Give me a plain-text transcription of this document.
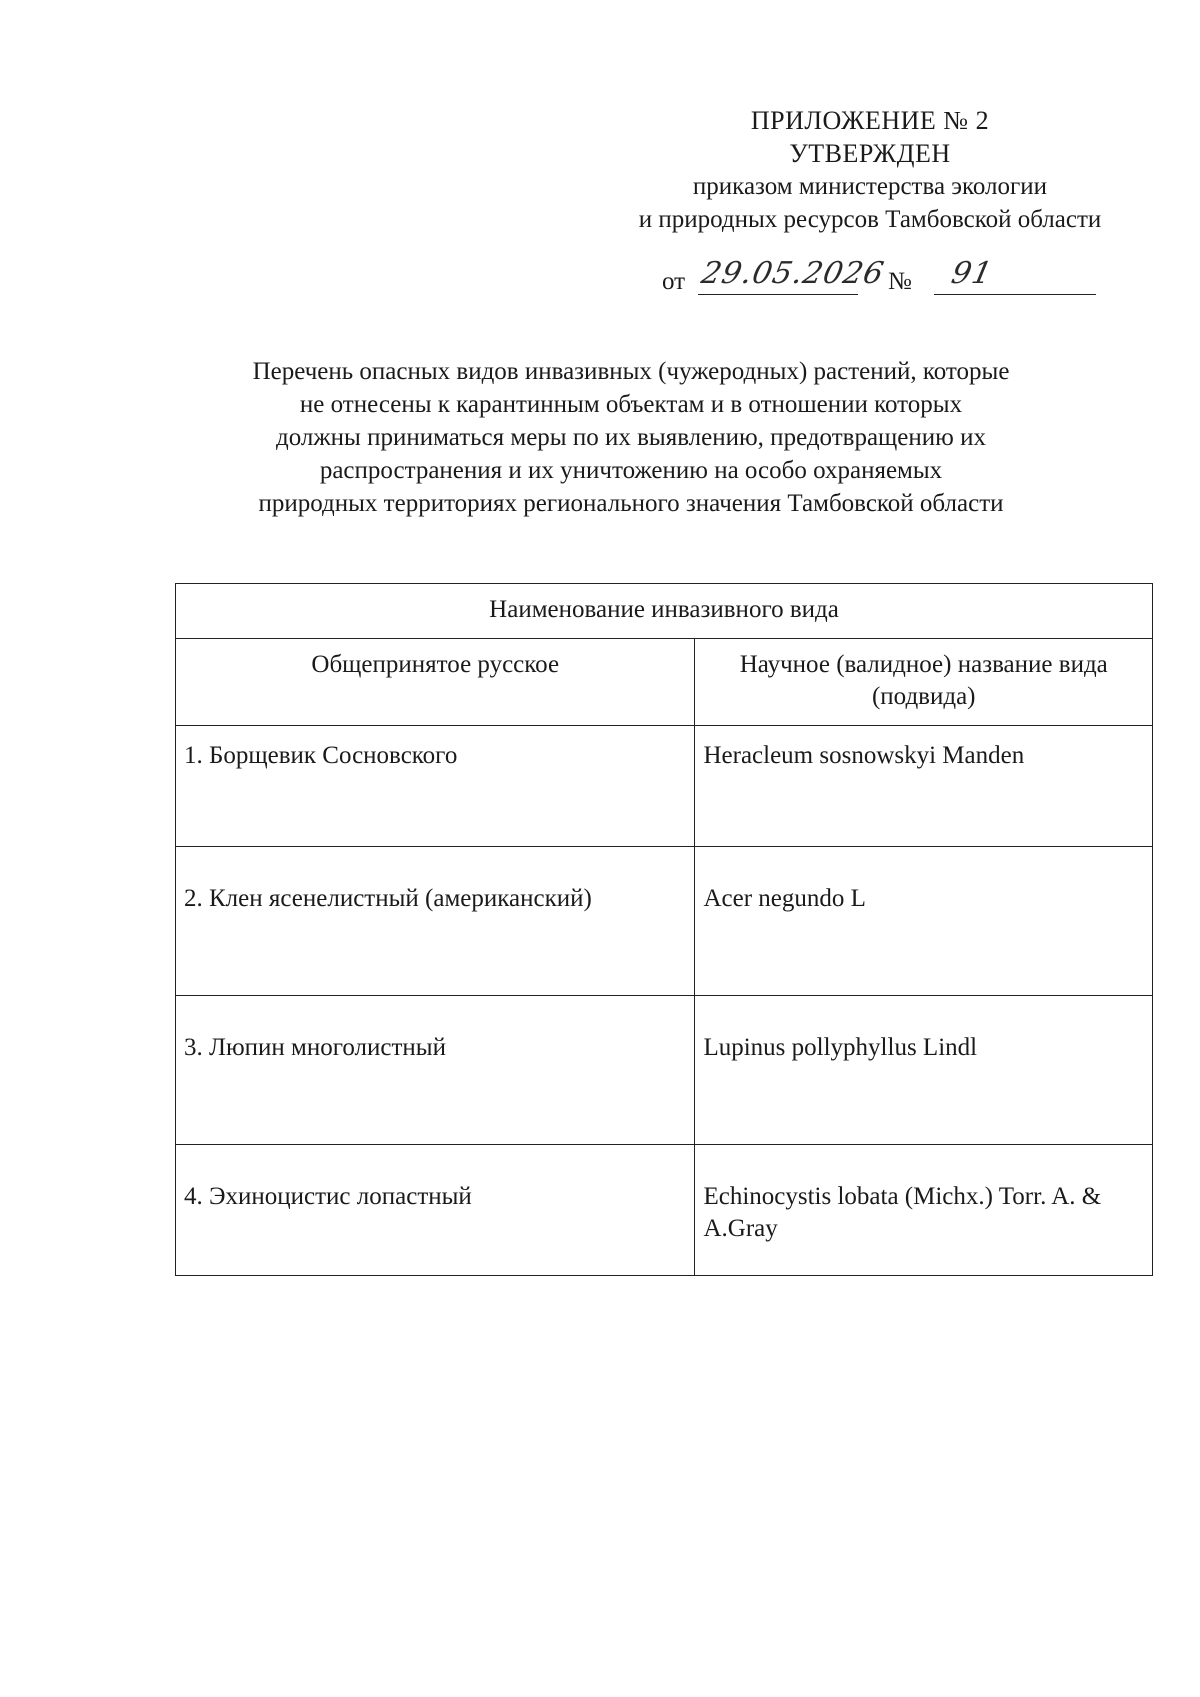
ПРИЛОЖЕНИЕ № 2
УТВЕРЖДЕН
приказом министерства экологии
и природных ресурсов Тамбовской области
от 29.05.2026 № 91
Перечень опасных видов инвазивных (чужеродных) растений, которые
не отнесены к карантинным объектам и в отношении которых
должны приниматься меры по их выявлению, предотвращению их
распространения и их уничтожению на особо охраняемых
природных территориях регионального значения Тамбовской области
Наименование инвазивного вида	
Общепринятое русское	Научное (валидное) название вида (подвида)
1. Борщевик Сосновского	Heracleum sosnowskyi Manden
2. Клен ясенелистный (американский)	Acer negundo L
3. Люпин многолистный	Lupinus pollyphyllus Lindl
4. Эхиноцистис лопастный	Echinocystis lobata (Michx.) Torr. A. & A.Gray
